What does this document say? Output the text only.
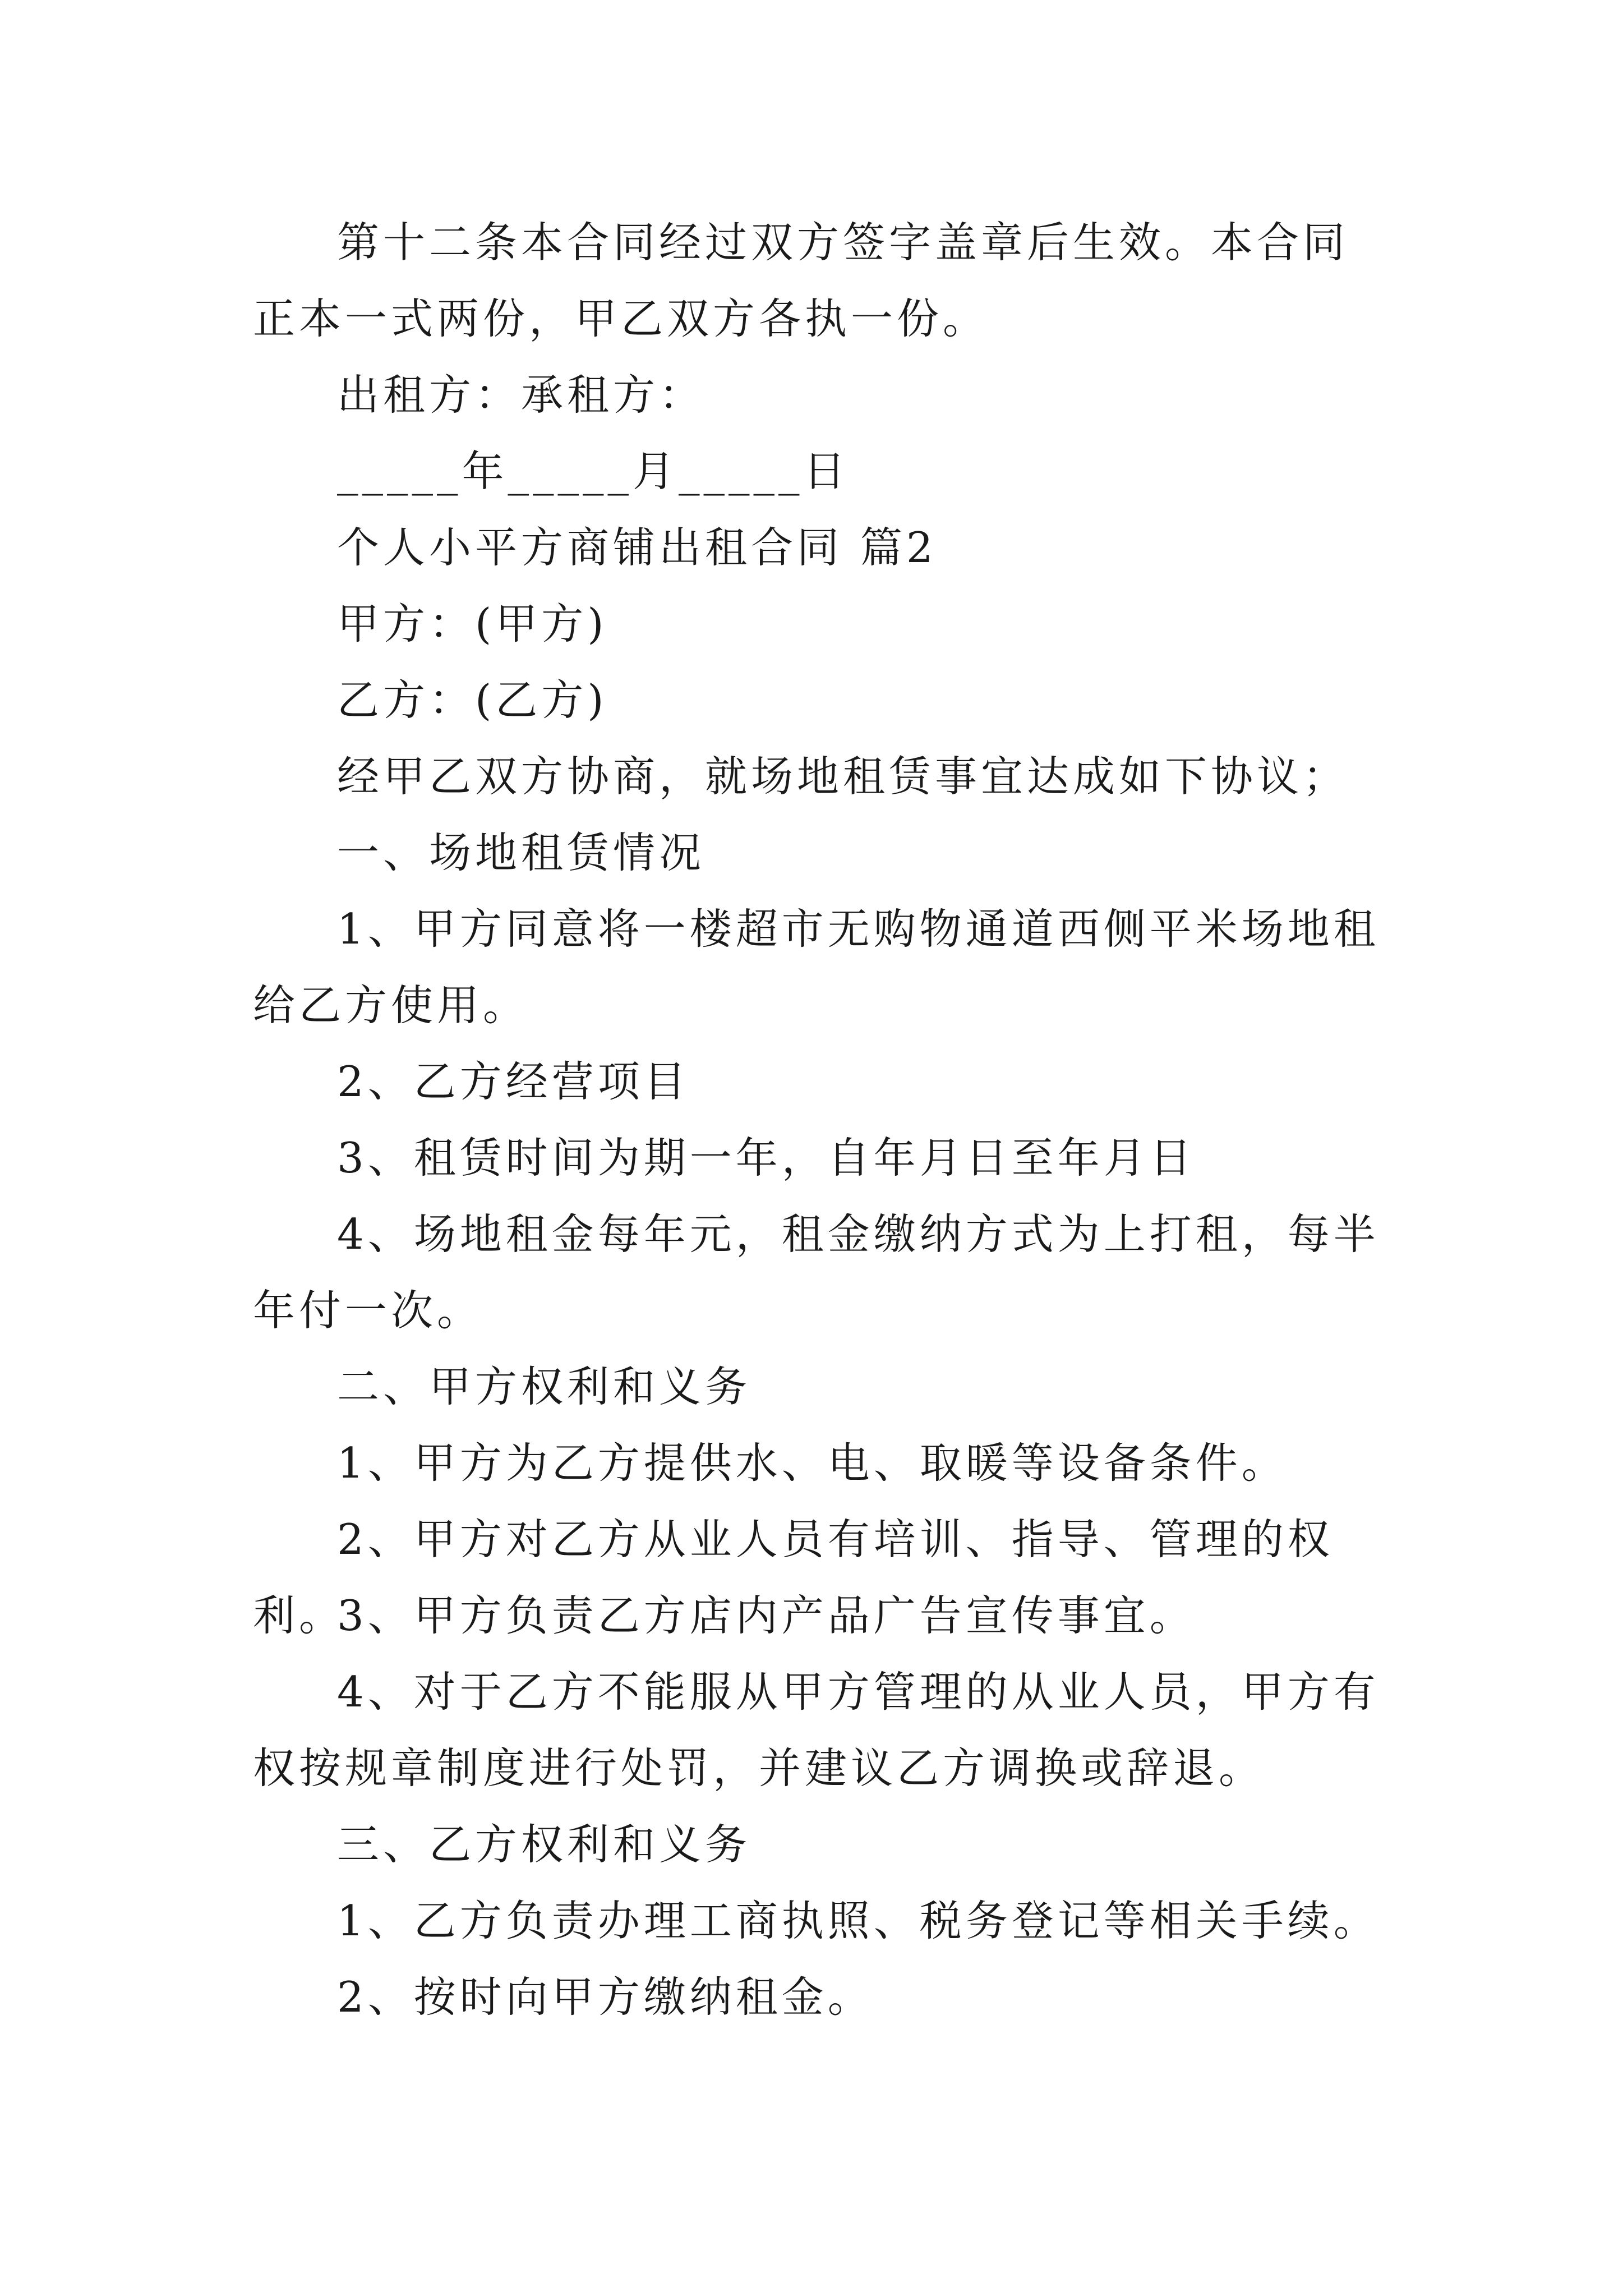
第十二条本合同经过双方签字盖章后生效。本合同正本一式两份，甲乙双方各执一份。

出租方：承租方：

_____年_____月_____日

个人小平方商铺出租合同 篇2

甲方：(甲方)

乙方：(乙方)

经甲乙双方协商，就场地租赁事宜达成如下协议；

一、场地租赁情况

1、甲方同意将一楼超市无购物通道西侧平米场地租给乙方使用。

2、乙方经营项目

3、租赁时间为期一年，自年月日至年月日

4、场地租金每年元，租金缴纳方式为上打租，每半年付一次。

二、甲方权利和义务

1、甲方为乙方提供水、电、取暖等设备条件。

2、甲方对乙方从业人员有培训、指导、管理的权利。

3、甲方负责乙方店内产品广告宣传事宜。

4、对于乙方不能服从甲方管理的从业人员，甲方有权按规章制度进行处罚，并建议乙方调换或辞退。

三、乙方权利和义务

1、乙方负责办理工商执照、税务登记等相关手续。

2、按时向甲方缴纳租金。
